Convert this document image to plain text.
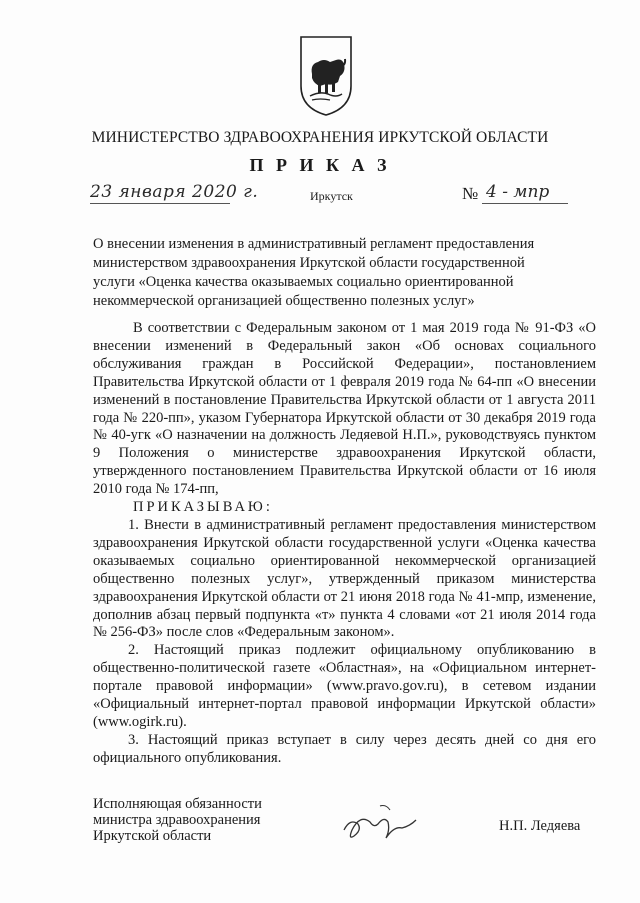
МИНИСТЕРСТВО ЗДРАВООХРАНЕНИЯ ИРКУТСКОЙ ОБЛАСТИ
П Р И К А З
23 января 2020 г.	Иркутск	№ 4 - мпр
О внесении изменения в административный регламент предоставления министерством здравоохранения Иркутской области государственной услуги «Оценка качества оказываемых социально ориентированной некоммерческой организацией общественно полезных услуг»

В соответствии с Федеральным законом от 1 мая 2019 года № 91-ФЗ «О внесении изменений в Федеральный закон «Об основах социального обслуживания граждан в Российской Федерации», постановлением Правительства Иркутской области от 1 февраля 2019 года № 64-пп «О внесении изменений в постановление Правительства Иркутской области от 1 августа 2011 года № 220-пп», указом Губернатора Иркутской области от 30 декабря 2019 года № 40-угк «О назначении на должность Ледяевой Н.П.», руководствуясь пунктом 9 Положения о министерстве здравоохранения Иркутской области, утвержденного постановлением Правительства Иркутской области от 16 июля 2010 года № 174-пп,

ПРИКАЗЫВАЮ:

1. Внести в административный регламент предоставления министерством здравоохранения Иркутской области государственной услуги «Оценка качества оказываемых социально ориентированной некоммерческой организацией общественно полезных услуг», утвержденный приказом министерства здравоохранения Иркутской области от 21 июня 2018 года № 41-мпр, изменение, дополнив абзац первый подпункта «т» пункта 4 словами «от 21 июля 2014 года № 256-ФЗ» после слов «Федеральным законом».

2. Настоящий приказ подлежит официальному опубликованию в общественно-политической газете «Областная», на «Официальном интернет-портале правовой информации» (www.pravo.gov.ru), в сетевом издании «Официальный интернет-портал правовой информации Иркутской области» (www.ogirk.ru).

3. Настоящий приказ вступает в силу через десять дней со дня его официального опубликования.

Исполняющая обязанности
министра здравоохранения
Иркутской области
Н.П. Ледяева
